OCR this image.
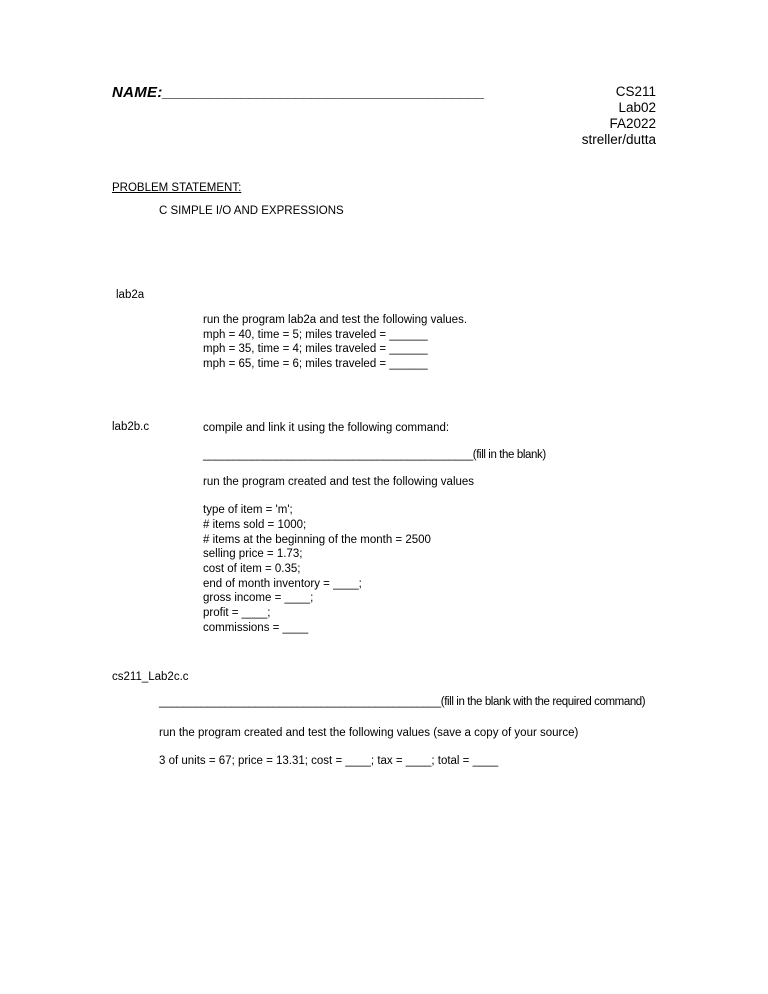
NAME:_________________________________________	CS211
Lab02
FA2022
streller/dutta
PROBLEM STATEMENT:
C SIMPLE I/O AND EXPRESSIONS
lab2a
run the program lab2a and test the following values.
mph = 40, time = 5; miles traveled = ______
mph = 35, time = 4; miles traveled = ______
mph = 65, time = 6; miles traveled = ______
lab2b.c	compile and link it using the following command:
_____________________________________________(fill in the blank)
run the program created and test the following values
type of item = 'm';
# items sold = 1000;
# items at the beginning of the month = 2500
selling price = 1.73;
cost of item = 0.35;
end of month inventory = ____;
gross income = ____;
profit = ____;
commissions = ____
cs211_Lab2c.c
_______________________________________________(fill in the blank with the required command)
run the program created and test the following values (save a copy of your source)
3 of units = 67; price = 13.31; cost = ____; tax = ____; total = ____
